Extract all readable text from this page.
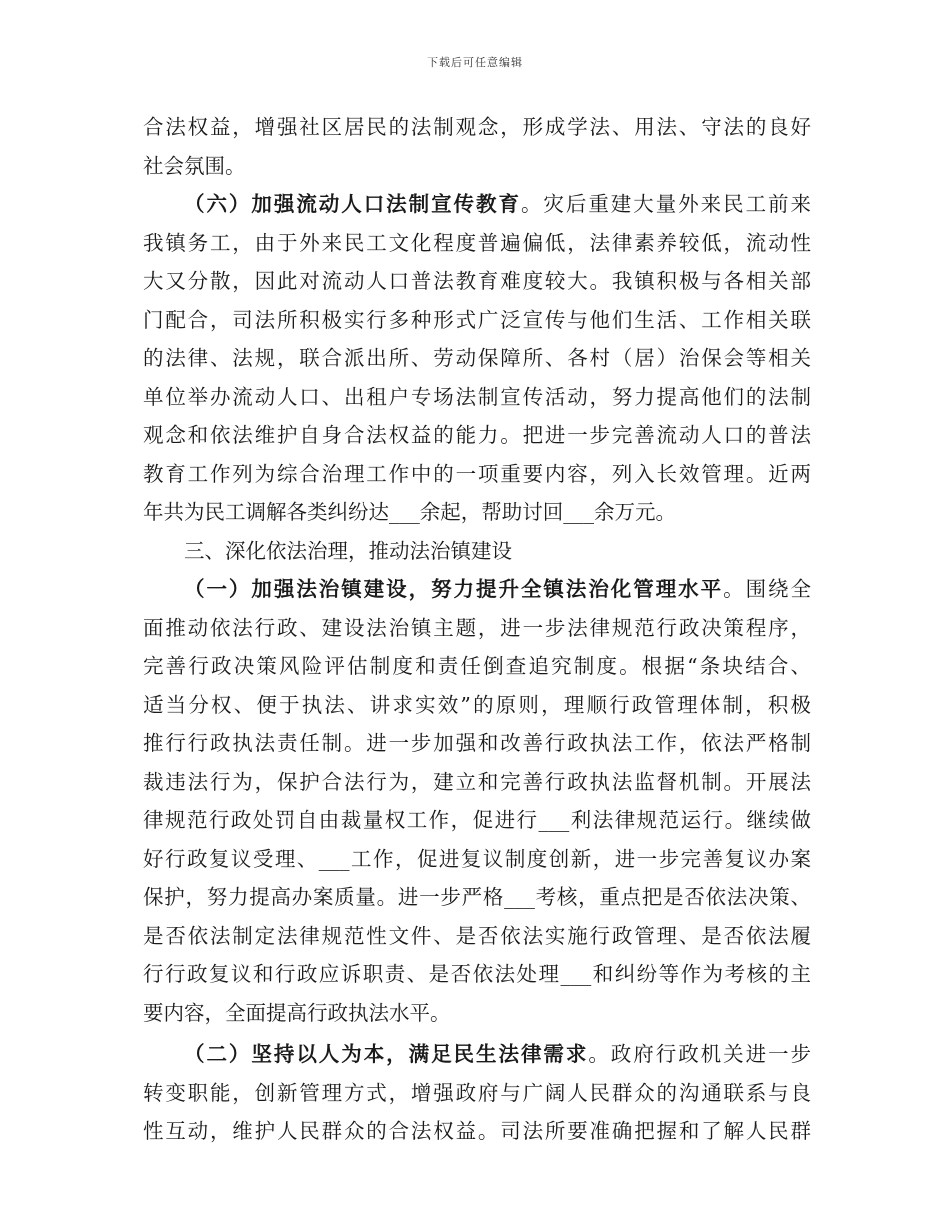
下载后可任意编辑
合法权益，增强社区居民的法制观念，形成学法、用法、守法的良好
社会氛围。
（六）加强流动人口法制宣传教育。灾后重建大量外来民工前来
我镇务工，由于外来民工文化程度普遍偏低，法律素养较低，流动性
大又分散，因此对流动人口普法教育难度较大。我镇积极与各相关部
门配合，司法所积极实行多种形式广泛宣传与他们生活、工作相关联
的法律、法规，联合派出所、劳动保障所、各村（居）治保会等相关
单位举办流动人口、出租户专场法制宣传活动，努力提高他们的法制
观念和依法维护自身合法权益的能力。把进一步完善流动人口的普法
教育工作列为综合治理工作中的一项重要内容，列入长效管理。近两
年共为民工调解各类纠纷达___余起，帮助讨回___余万元。
三、深化依法治理，推动法治镇建设
（一）加强法治镇建设，努力提升全镇法治化管理水平。围绕全
面推动依法行政、建设法治镇主题，进一步法律规范行政决策程序，
完善行政决策风险评估制度和责任倒查追究制度。根据“条块结合、
适当分权、便于执法、讲求实效”的原则，理顺行政管理体制，积极
推行行政执法责任制。进一步加强和改善行政执法工作，依法严格制
裁违法行为，保护合法行为，建立和完善行政执法监督机制。开展法
律规范行政处罚自由裁量权工作，促进行___利法律规范运行。继续做
好行政复议受理、___工作，促进复议制度创新，进一步完善复议办案
保护，努力提高办案质量。进一步严格___考核，重点把是否依法决策、
是否依法制定法律规范性文件、是否依法实施行政管理、是否依法履
行行政复议和行政应诉职责、是否依法处理___和纠纷等作为考核的主
要内容，全面提高行政执法水平。
（二）坚持以人为本，满足民生法律需求。政府行政机关进一步
转变职能，创新管理方式，增强政府与广阔人民群众的沟通联系与良
性互动，维护人民群众的合法权益。司法所要准确把握和了解人民群
